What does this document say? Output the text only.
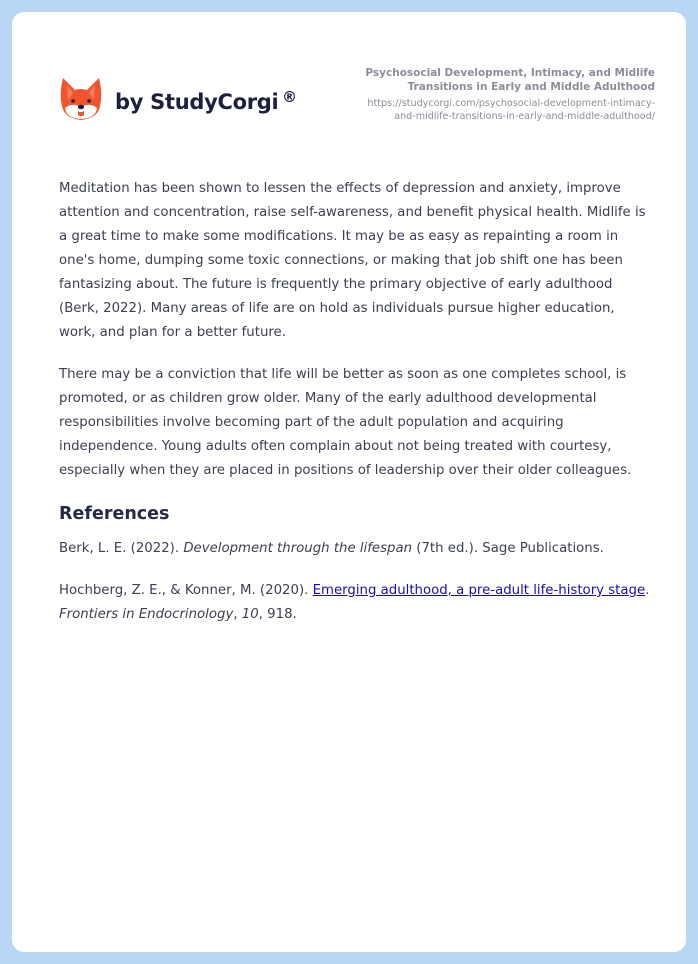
by StudyCorgi ®
Psychosocial Development, Intimacy, and Midlife
Transitions in Early and Middle Adulthood
https://studycorgi.com/psychosocial-development-intimacy-
and-midlife-transitions-in-early-and-middle-adulthood/

Meditation has been shown to lessen the effects of depression and anxiety, improve attention and concentration, raise self-awareness, and benefit physical health. Midlife is a great time to make some modifications. It may be as easy as repainting a room in one's home, dumping some toxic connections, or making that job shift one has been fantasizing about. The future is frequently the primary objective of early adulthood (Berk, 2022). Many areas of life are on hold as individuals pursue higher education, work, and plan for a better future.

There may be a conviction that life will be better as soon as one completes school, is promoted, or as children grow older. Many of the early adulthood developmental responsibilities involve becoming part of the adult population and acquiring independence. Young adults often complain about not being treated with courtesy, especially when they are placed in positions of leadership over their older colleagues.

References
Berk, L. E. (2022). Development through the lifespan (7th ed.). Sage Publications.
Hochberg, Z. E., & Konner, M. (2020). Emerging adulthood, a pre-adult life-history stage. Frontiers in Endocrinology, 10, 918.
